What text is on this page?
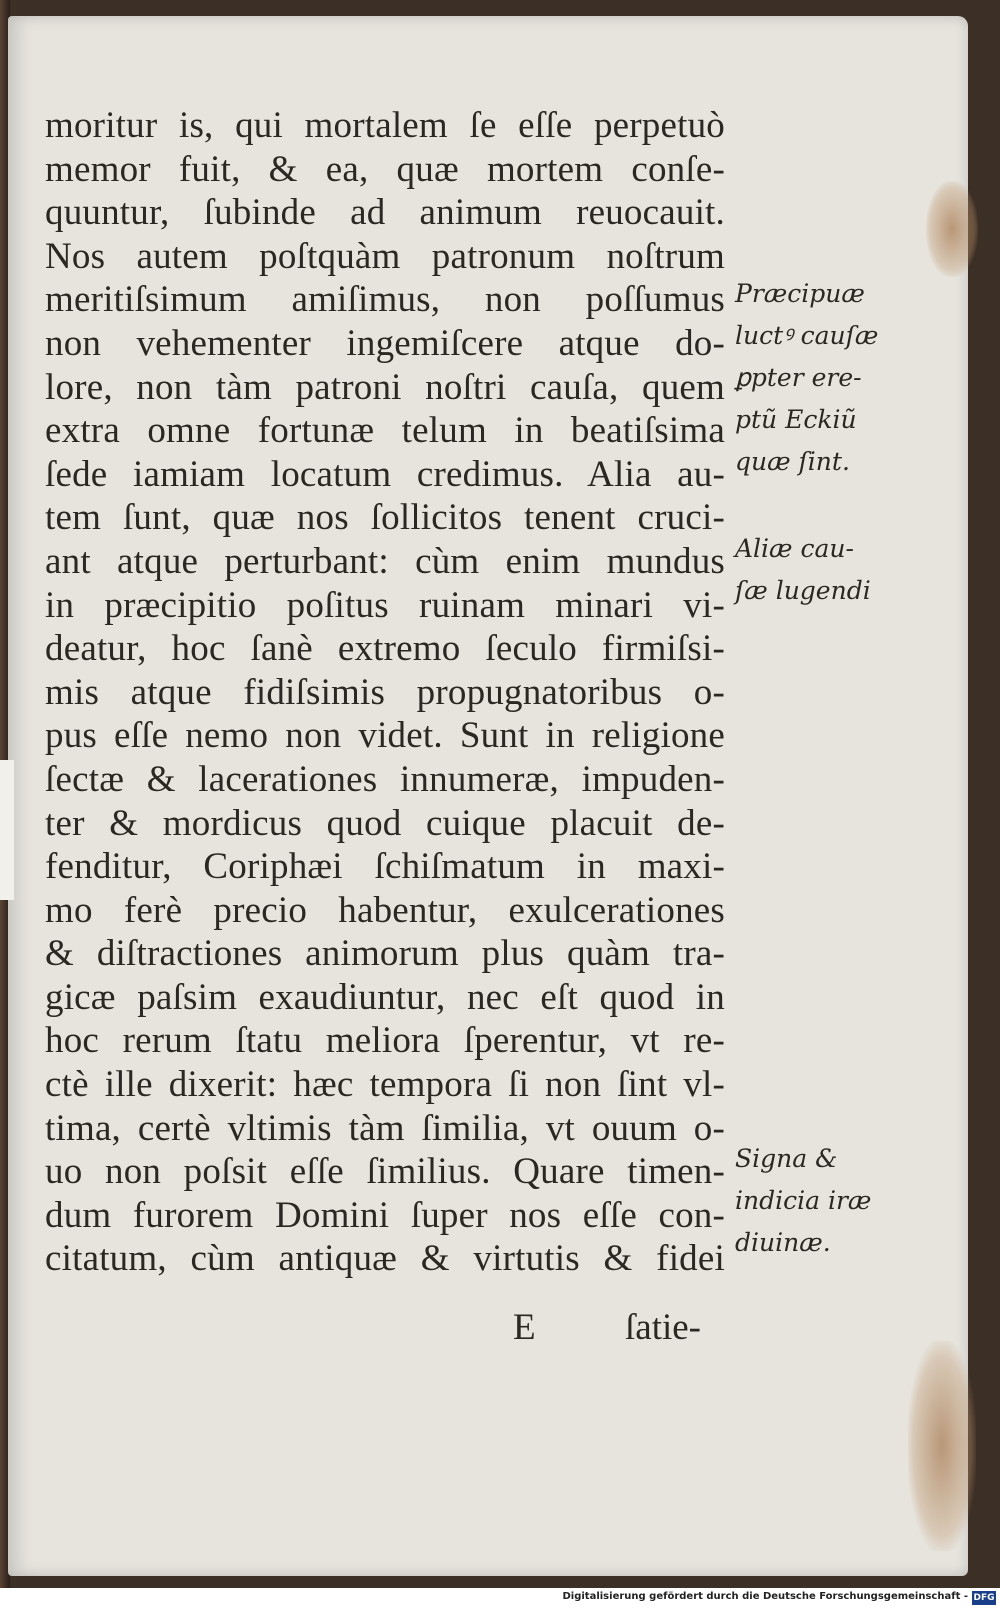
moritur is, qui mortalem ſe eſſe perpetuò
memor fuit, & ea, quæ mortem conſe-
quuntur, ſubinde ad animum reuocauit.
Nos autem poſtquàm patronum noſtrum
meritiſsimum amiſimus, non poſſumus
non vehementer ingemiſcere atque do-
lore, non tàm patroni noſtri cauſa, quem
extra omne fortunæ telum in beatiſsima
ſede iamiam locatum credimus. Alia au-
tem ſunt, quæ nos ſollicitos tenent cruci-
ant atque perturbant: cùm enim mundus
in præcipitio poſitus ruinam minari vi-
deatur, hoc ſanè extremo ſeculo firmiſsi-
mis atque fidiſsimis propugnatoribus o-
pus eſſe nemo non videt. Sunt in religione
ſectæ & lacerationes innumeræ, impuden-
ter & mordicus quod cuique placuit de-
fenditur, Coriphæi ſchiſmatum in maxi-
mo ferè precio habentur, exulcerationes
& diſtractiones animorum plus quàm tra-
gicæ paſsim exaudiuntur, nec eſt quod in
hoc rerum ſtatu meliora ſperentur, vt re-
ctè ille dixerit: hæc tempora ſi non ſint vl-
tima, certè vltimis tàm ſimilia, vt ouum o-
uo non poſsit eſſe ſimilius. Quare timen-
dum furorem Domini ſuper nos eſſe con-
citatum, cùm antiquæ & virtutis & fidei
E ſatie-
Præcipuæ
luctꝰ cauſæ
ꝑpter ere-
ptũ Eckiũ
quæ ſint.
Aliæ cau-
ſæ lugendi
Signa &
indicia iræ
diuinæ.
Digitalisierung gefördert durch die Deutsche Forschungsgemeinschaft - DFG
